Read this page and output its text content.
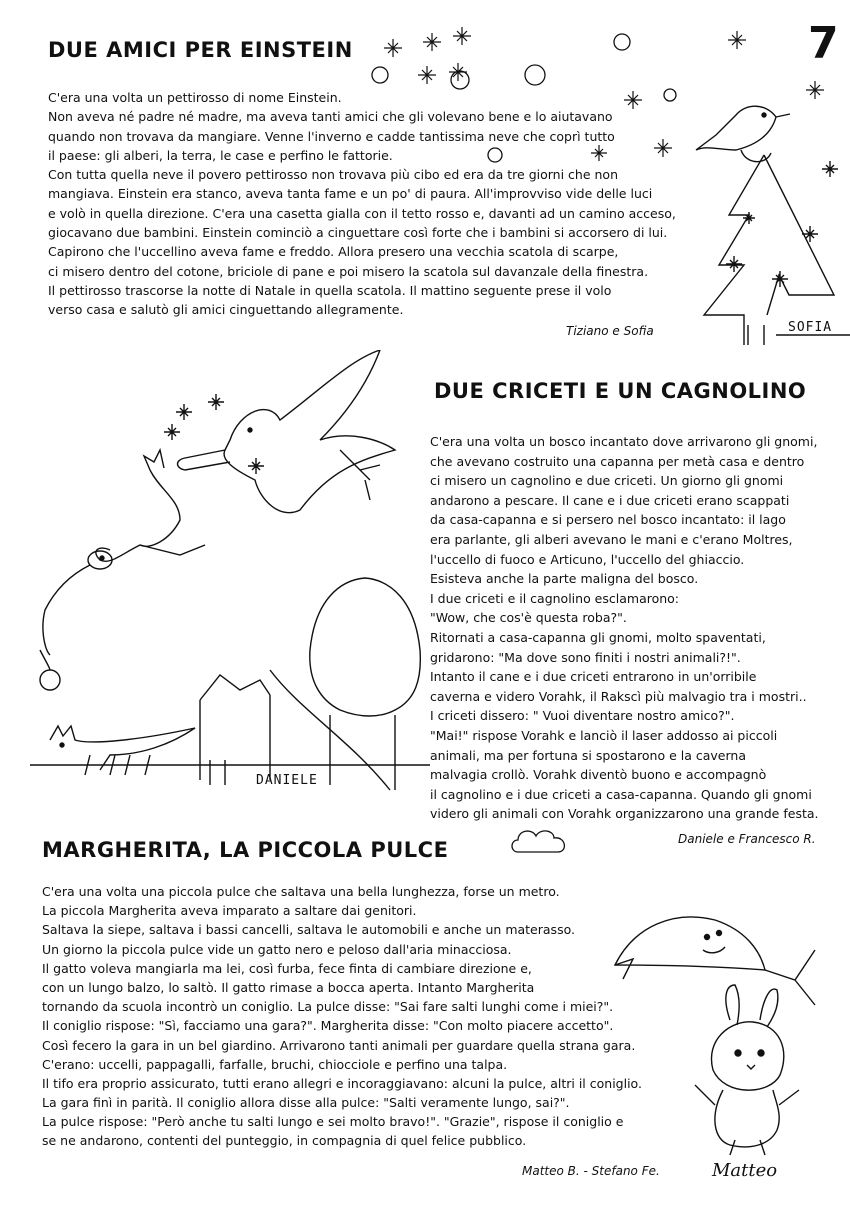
7
DUE AMICI PER EINSTEIN
C'era una volta un pettirosso di nome Einstein.
Non aveva né padre né madre, ma aveva tanti amici che gli volevano bene e lo aiutavano
quando non trovava da mangiare. Venne l'inverno e cadde tantissima neve che coprì tutto
il paese: gli alberi, la terra, le case e perfino le fattorie.
Con tutta quella neve il povero pettirosso non trovava più cibo ed era da tre giorni che non
mangiava. Einstein era stanco, aveva tanta fame e un po' di paura. All'improvviso vide delle luci
e volò in quella direzione. C'era una casetta gialla con il tetto rosso e, davanti ad un camino acceso,
giocavano due bambini. Einstein cominciò a cinguettare così forte che i bambini si accorsero di lui.
Capirono che l'uccellino aveva fame e freddo. Allora presero una vecchia scatola di scarpe,
ci misero dentro del cotone, briciole di pane e poi misero la scatola sul davanzale della finestra.
Il pettirosso trascorse la notte di Natale in quella scatola. Il mattino seguente prese il volo
verso casa e salutò gli amici cinguettando allegramente.
Tiziano e Sofia	SOFIA
DUE CRICETI E UN CAGNOLINO
C'era una volta un bosco incantato dove arrivarono gli gnomi,
che avevano costruito una capanna per metà casa e dentro
ci misero un cagnolino e due criceti. Un giorno gli gnomi
andarono a pescare. Il cane e i due criceti erano scappati
da casa-capanna e si persero nel bosco incantato: il lago
era parlante, gli alberi avevano le mani e c'erano Moltres,
l'uccello di fuoco e Articuno, l'uccello del ghiaccio.
Esisteva anche la parte maligna del bosco.
I due criceti e il cagnolino esclamarono:
"Wow, che cos'è questa roba?".
Ritornati a casa-capanna gli gnomi, molto spaventati,
gridarono: "Ma dove sono finiti i nostri animali?!".
Intanto il cane e i due criceti entrarono in un'orribile
caverna e videro Vorahk, il Rakscì più malvagio tra i mostri..
I criceti dissero: " Vuoi diventare nostro amico?".
"Mai!" rispose Vorahk e lanciò il laser addosso ai piccoli
animali, ma per fortuna si spostarono e la caverna
malvagia crollò. Vorahk diventò buono e accompagnò
il cagnolino e i due criceti a casa-capanna. Quando gli gnomi
videro gli animali con Vorahk organizzarono una grande festa.
Daniele e Francesco R.
DANIELE
MARGHERITA, LA PICCOLA PULCE
C'era una volta una piccola pulce che saltava una bella lunghezza, forse un metro.
La piccola Margherita aveva imparato a saltare dai genitori.
Saltava la siepe, saltava i bassi cancelli, saltava le automobili e anche un materasso.
Un giorno la piccola pulce vide un gatto nero e peloso dall'aria minacciosa.
Il gatto voleva mangiarla ma lei, così furba, fece finta di cambiare direzione e,
con un lungo balzo, lo saltò. Il gatto rimase a bocca aperta. Intanto Margherita
tornando da scuola incontrò un coniglio. La pulce disse: "Sai fare salti lunghi come i miei?".
Il coniglio rispose: "Sì, facciamo una gara?". Margherita disse: "Con molto piacere accetto".
Così fecero la gara in un bel giardino. Arrivarono tanti animali per guardare quella strana gara.
C'erano: uccelli, pappagalli, farfalle, bruchi, chiocciole e perfino una talpa.
Il tifo era proprio assicurato, tutti erano allegri e incoraggiavano: alcuni la pulce, altri il coniglio.
La gara finì in parità. Il coniglio allora disse alla pulce: "Salti veramente lungo, sai?".
La pulce rispose: "Però anche tu salti lungo e sei molto bravo!". "Grazie", rispose il coniglio e
se ne andarono, contenti del punteggio, in compagnia di quel felice pubblico.
Matteo B. - Stefano Fe.	Matteo
